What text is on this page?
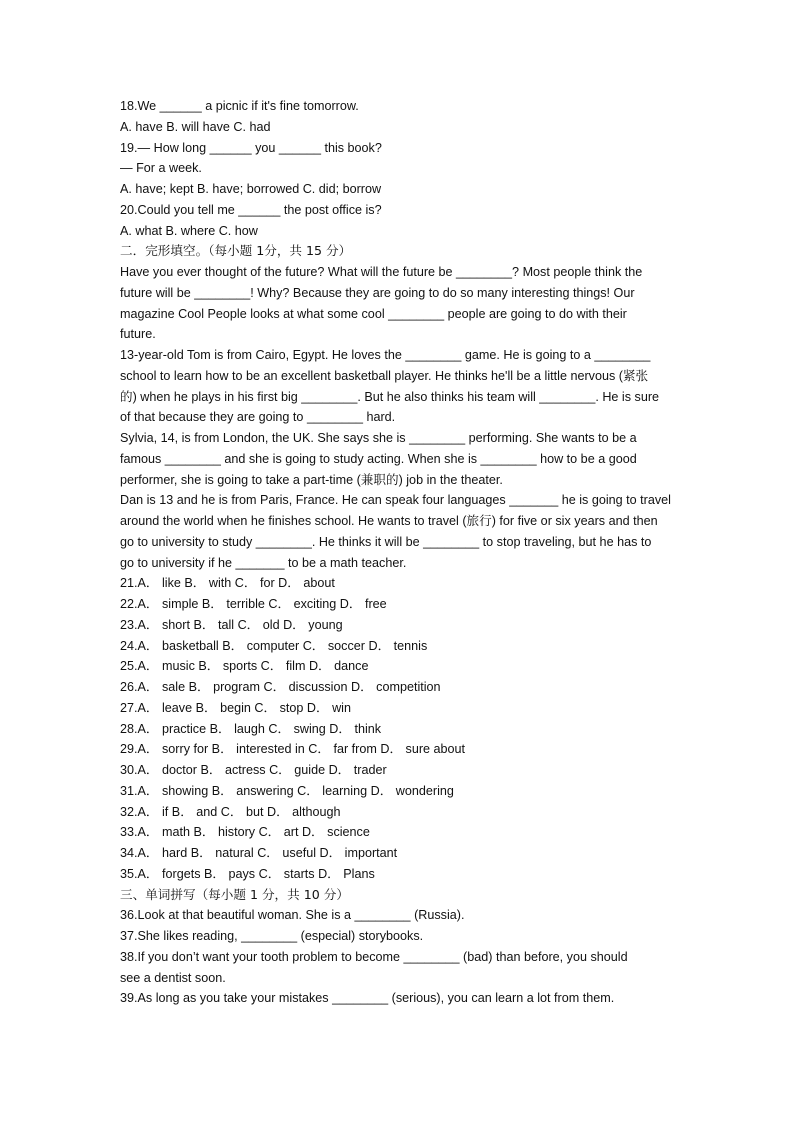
18.We ______ a picnic if it's fine tomorrow.
A. have B. will have C. had
19.— How long ______ you ______ this book?
— For a week.
A. have; kept B. have; borrowed C. did; borrow
20.Could you tell me ______ the post office is?
A. what B. where C. how
二．完形填空。（每小题 1分，共 15 分）
Have you ever thought of the future? What will the future be ________? Most people think the
future will be ________! Why? Because they are going to do so many interesting things! Our
magazine Cool People looks at what some cool ________ people are going to do with their
future.
13-year-old Tom is from Cairo, Egypt. He loves the ________ game. He is going to a ________
school to learn how to be an excellent basketball player. He thinks he'll be a little nervous (紧张
的) when he plays in his first big ________. But he also thinks his team will ________. He is sure
of that because they are going to ________ hard.
Sylvia, 14, is from London, the UK. She says she is ________ performing. She wants to be a
famous ________ and she is going to study acting. When she is ________ how to be a good
performer, she is going to take a part-time (兼职的) job in the theater.
Dan is 13 and he is from Paris, France. He can speak four languages _______ he is going to travel
around the world when he finishes school. He wants to travel (旅行) for five or six years and then
go to university to study ________. He thinks it will be ________ to stop traveling, but he has to
go to university if he _______ to be a math teacher.
21.A． like B． with C． for D． about
22.A． simple B． terrible C． exciting D． free
23.A． short B． tall C． old D． young
24.A． basketball B． computer C． soccer D． tennis
25.A． music B． sports C． film D． dance
26.A． sale B． program C． discussion D． competition
27.A． leave B． begin C． stop D． win
28.A． practice B． laugh C． swing D． think
29.A． sorry for B． interested in C． far from D． sure about
30.A． doctor B． actress C． guide D． trader
31.A． showing B． answering C． learning D． wondering
32.A． if B． and C． but D． although
33.A． math B． history C． art D． science
34.A． hard B． natural C． useful D． important
35.A． forgets B． pays C． starts D． Plans
三、单词拼写（每小题 1 分，共 10 分）
36.Look at that beautiful woman. She is a ________ (Russia).
37.She likes reading, ________ (especial) storybooks.
38.If you don’t want your tooth problem to become ________ (bad) than before, you should
see a dentist soon.
39.As long as you take your mistakes ________ (serious), you can learn a lot from them.
